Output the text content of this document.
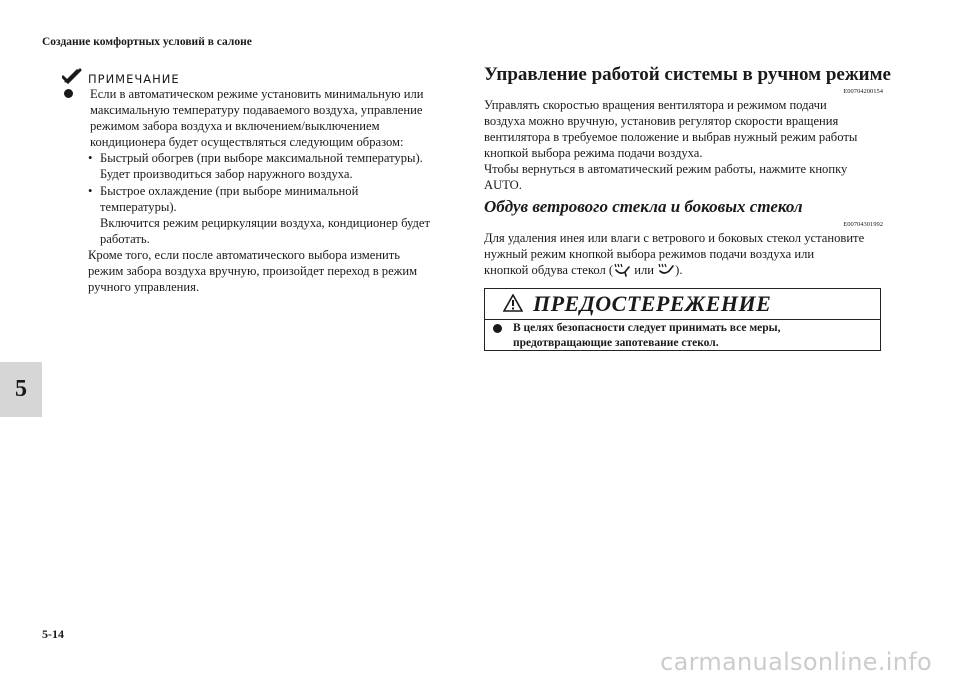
Создание комфортных условий в салоне
5
ПРИМЕЧАНИЕ
Если в автоматическом режиме установить минимальную или
максимальную температуру подаваемого воздуха, управление
режимом забора воздуха и включением/выключением
кондиционера будет осуществляться следующим образом:
• Быстрый обогрев (при выборе максимальной температуры).
Будет производиться забор наружного воздуха.
• Быстрое охлаждение (при выборе минимальной
температуры).
Включится режим рециркуляции воздуха, кондиционер будет
работать.
Кроме того, если после автоматического выбора изменить
режим забора воздуха вручную, произойдет переход в режим
ручного управления.
Управление работой системы в ручном режиме
E00704200154
Управлять скоростью вращения вентилятора и режимом подачи
воздуха можно вручную, установив регулятор скорости вращения
вентилятора в требуемое положение и выбрав нужный режим работы
кнопкой выбора режима подачи воздуха.
Чтобы вернуться в автоматический режим работы, нажмите кнопку
AUTO.
Обдув ветрового стекла и боковых стекол
E00704301992
Для удаления инея или влаги с ветрового и боковых стекол установите
нужный режим кнопкой выбора режимов подачи воздуха или
кнопкой обдува стекол ( или ).
ПРЕДОСТЕРЕЖЕНИЕ
В целях безопасности следует принимать все меры,
предотвращающие запотевание стекол.
5-14
carmanualsonline.info
